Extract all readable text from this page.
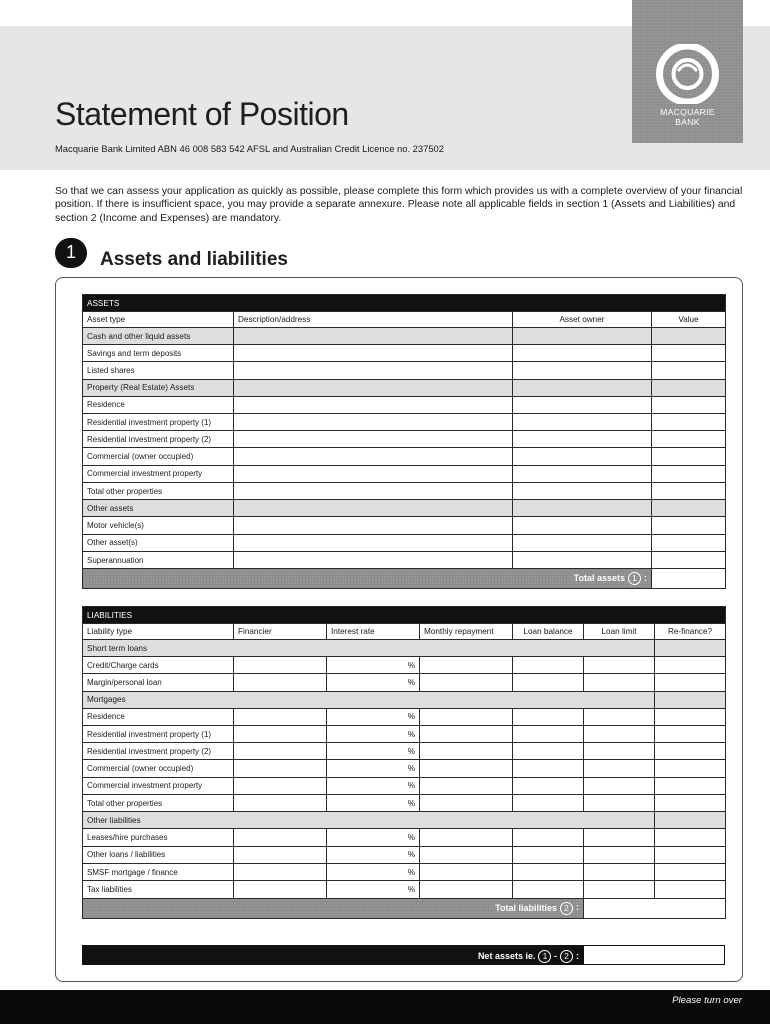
Statement of Position
Macquarie Bank Limited ABN 46 008 583 542 AFSL and Australian Credit Licence no. 237502
MACQUARIE
BANK

So that we can assess your application as quickly as possible, please complete this form which provides us with a complete overview of your financial position. If there is insufficient space, you may provide a separate annexure. Please note all applicable fields in section 1 (Assets and Liabilities) and section 2 (Income and Expenses) are mandatory.

1	Assets and liabilities
ASSETS			
Asset type	Description/address	Asset owner	Value
Cash and other liquid assets			
Savings and term deposits			
Listed shares			
Property (Real Estate) Assets			
Residence			
Residential investment property (1)			
Residential investment property (2)			
Commercial (owner occupied)			
Commercial investment property			
Total other properties			
Other assets			
Motor vehicle(s)			
Other asset(s)			
Superannuation			
Total assets 1 :			
LIABILITIES						
Liability type	Financier	Interest rate	Monthly repayment	Loan balance	Loan limit	Re-finance?
Short term loans						
Credit/Charge cards		%				
Margin/personal loan		%				
Mortgages						
Residence		%				
Residential investment property (1)		%				
Residential investment property (2)		%				
Commercial (owner occupied)		%				
Commercial investment property		%				
Total other properties		%				
Other liabilities						
Leases/hire purchases		%				
Other loans / liabilities		%				
SMSF mortgage / finance		%				
Tax liabilities		%				
Total liabilities 2 :						
Net assets ie. 1 - 2 :
Please turn over
